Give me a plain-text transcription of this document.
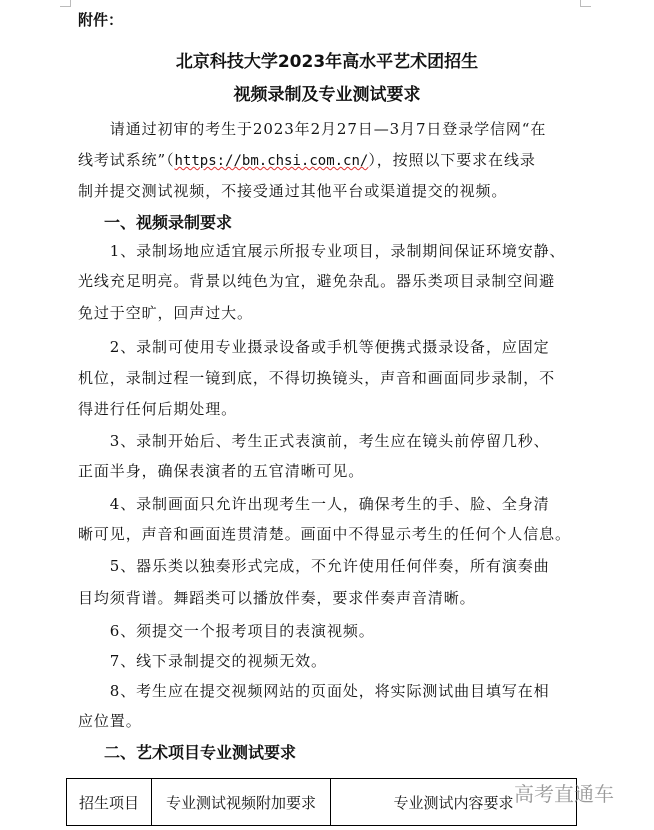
附件：
北京科技大学2023年高水平艺术团招生
视频录制及专业测试要求
　　请通过初审的考生于2023年2月27日—3月7日登录学信网“在
线考试系统”（https://bm.chsi.com.cn/），按照以下要求在线录
制并提交测试视频，不接受通过其他平台或渠道提交的视频。
一、视频录制要求
　　1、录制场地应适宜展示所报专业项目，录制期间保证环境安静、
光线充足明亮。背景以纯色为宜，避免杂乱。器乐类项目录制空间避
免过于空旷，回声过大。
　　2、录制可使用专业摄录设备或手机等便携式摄录设备，应固定
机位，录制过程一镜到底，不得切换镜头，声音和画面同步录制，不
得进行任何后期处理。
　　3、录制开始后、考生正式表演前，考生应在镜头前停留几秒、
正面半身，确保表演者的五官清晰可见。
　　4、录制画面只允许出现考生一人，确保考生的手、脸、全身清
晰可见，声音和画面连贯清楚。画面中不得显示考生的任何个人信息。
　　5、器乐类以独奏形式完成，不允许使用任何伴奏，所有演奏曲
目均须背谱。舞蹈类可以播放伴奏，要求伴奏声音清晰。
　　6、须提交一个报考项目的表演视频。
　　7、线下录制提交的视频无效。
　　8、考生应在提交视频网站的页面处，将实际测试曲目填写在相
应位置。
二、艺术项目专业测试要求
招生项目	专业测试视频附加要求	专业测试内容要求 高考直通车
